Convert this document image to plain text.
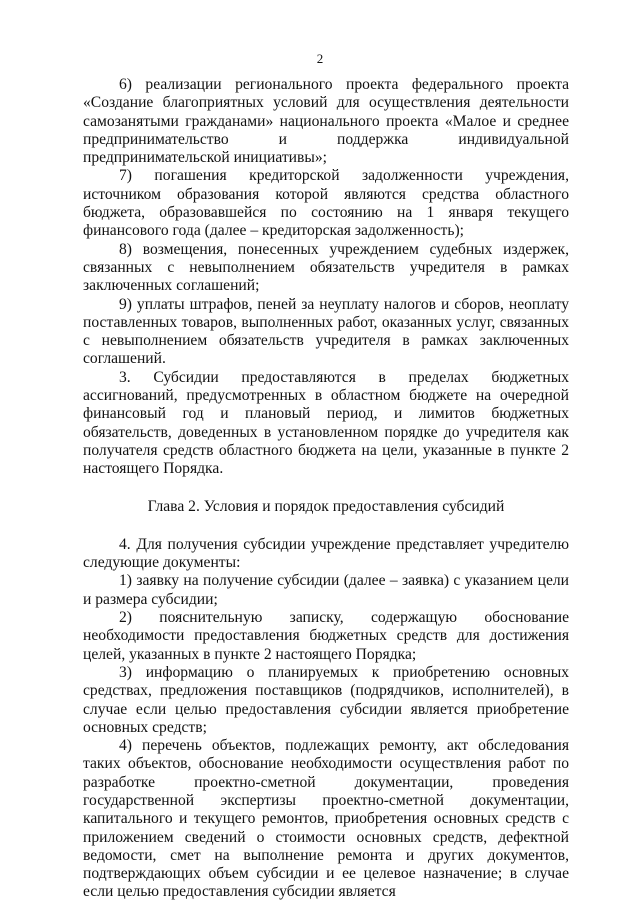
2

6) реализации регионального проекта федерального проекта «Создание благоприятных условий для осуществления деятельности самозанятыми гражданами» национального проекта «Малое и среднее предпринимательство и поддержка индивидуальной предпринимательской инициативы»;

7) погашения кредиторской задолженности учреждения, источником образования которой являются средства областного бюджета, образовавшейся по состоянию на 1 января текущего финансового года (далее – кредиторская задолженность);

8) возмещения, понесенных учреждением судебных издержек, связанных с невыполнением обязательств учредителя в рамках заключенных соглашений;

9) уплаты штрафов, пеней за неуплату налогов и сборов, неоплату поставленных товаров, выполненных работ, оказанных услуг, связанных с невыполнением обязательств учредителя в рамках заключенных соглашений.

3. Субсидии предоставляются в пределах бюджетных ассигнований, предусмотренных в областном бюджете на очередной финансовый год и плановый период, и лимитов бюджетных обязательств, доведенных в установленном порядке до учредителя как получателя средств областного бюджета на цели, указанные в пункте 2 настоящего Порядка.

Глава 2. Условия и порядок предоставления субсидий

4. Для получения субсидии учреждение представляет учредителю следующие документы:

1) заявку на получение субсидии (далее – заявка) с указанием цели и размера субсидии;

2) пояснительную записку, содержащую обоснование необходимости предоставления бюджетных средств для достижения целей, указанных в пункте 2 настоящего Порядка;

3) информацию о планируемых к приобретению основных средствах, предложения поставщиков (подрядчиков, исполнителей), в случае если целью предоставления субсидии является приобретение основных средств;

4) перечень объектов, подлежащих ремонту, акт обследования таких объектов, обоснование необходимости осуществления работ по разработке проектно-сметной документации, проведения государственной экспертизы проектно-сметной документации, капитального и текущего ремонтов, приобретения основных средств с приложением сведений о стоимости основных средств, дефектной ведомости, смет на выполнение ремонта и других документов, подтверждающих объем субсидии и ее целевое назначение; в случае если целью предоставления субсидии является
